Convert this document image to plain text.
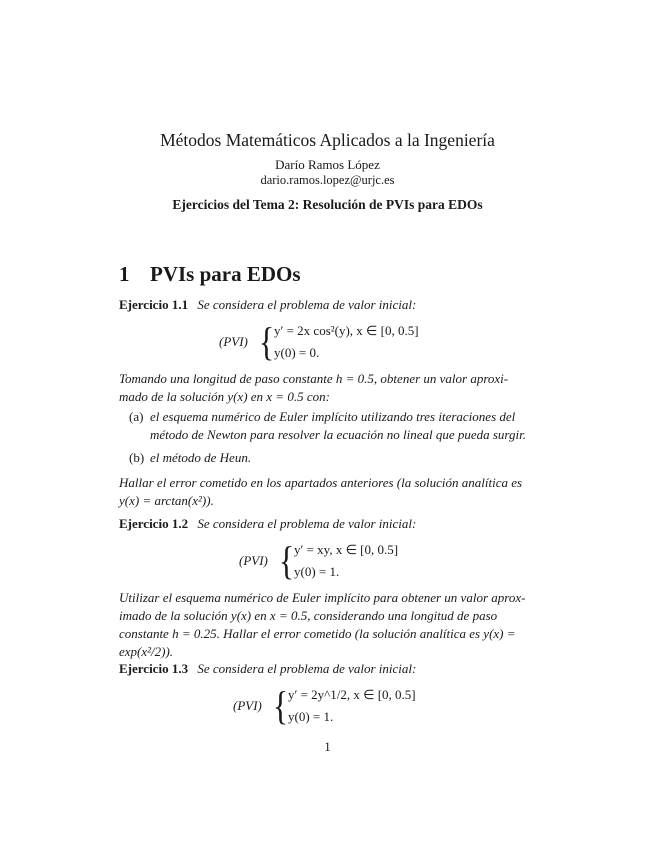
Métodos Matemáticos Aplicados a la Ingeniería
Darío Ramos López
dario.ramos.lopez@urjc.es
Ejercicios del Tema 2: Resolución de PVIs para EDOs
1 PVIs para EDOs
Ejercicio 1.1 Se considera el problema de valor inicial:
(PVI) { y′ = 2x cos²(y), x ∈ [0, 0.5]
y(0) = 0.
Tomando una longitud de paso constante h = 0.5, obtener un valor aproxi-
mado de la solución y(x) en x = 0.5 con:
(a) el esquema numérico de Euler implícito utilizando tres iteraciones del
método de Newton para resolver la ecuación no lineal que pueda surgir.
(b) el método de Heun.
Hallar el error cometido en los apartados anteriores (la solución analítica es
y(x) = arctan(x²)).
Ejercicio 1.2 Se considera el problema de valor inicial:
(PVI) { y′ = xy, x ∈ [0, 0.5]
y(0) = 1.
Utilizar el esquema numérico de Euler implícito para obtener un valor aprox-
imado de la solución y(x) en x = 0.5, considerando una longitud de paso
constante h = 0.25. Hallar el error cometido (la solución analítica es y(x) =
exp(x²/2)).
Ejercicio 1.3 Se considera el problema de valor inicial:
(PVI) { y′ = 2y^1/2, x ∈ [0, 0.5]
y(0) = 1.
1
